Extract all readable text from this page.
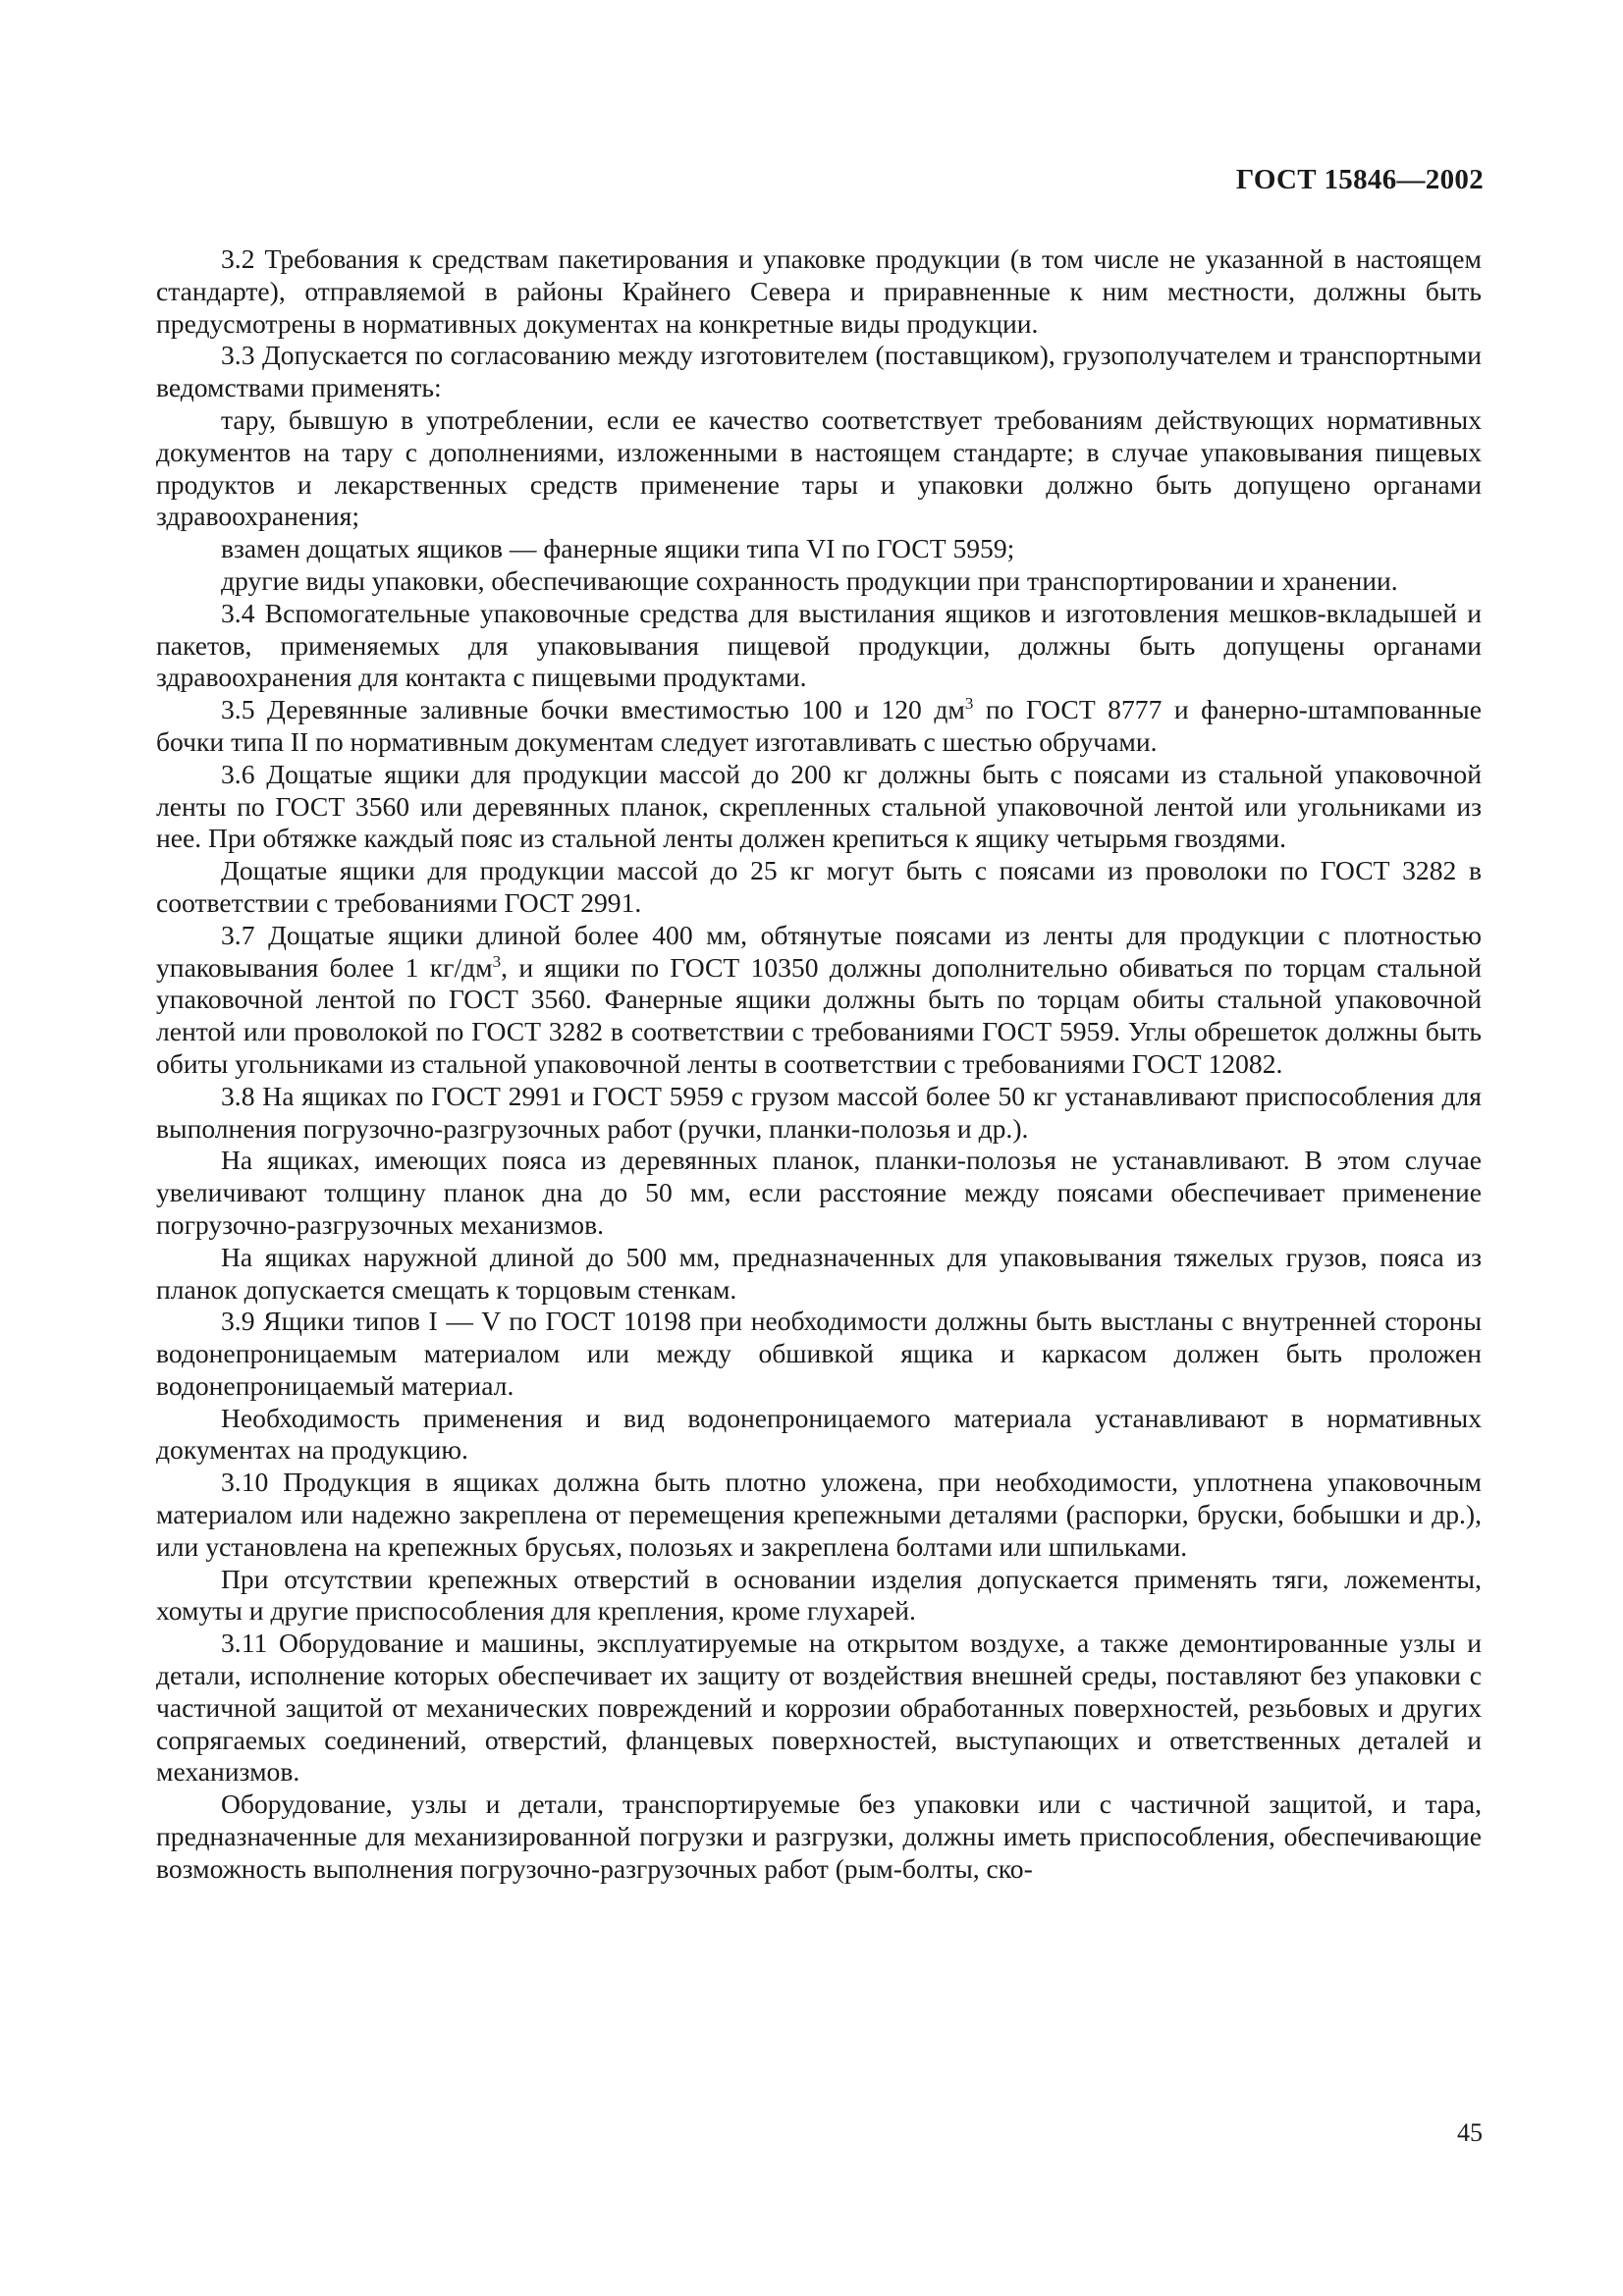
ГОСТ 15846—2002

3.2 Требования к средствам пакетирования и упаковке продукции (в том числе не указанной в настоящем стандарте), отправляемой в районы Крайнего Севера и приравненные к ним местности, должны быть предусмотрены в нормативных документах на конкретные виды продукции.

3.3 Допускается по согласованию между изготовителем (поставщиком), грузополучателем и транспортными ведомствами применять:

тару, бывшую в употреблении, если ее качество соответствует требованиям действующих нормативных документов на тару с дополнениями, изложенными в настоящем стандарте; в случае упаковывания пищевых продуктов и лекарственных средств применение тары и упаковки должно быть допущено органами здравоохранения;

взамен дощатых ящиков — фанерные ящики типа VI по ГОСТ 5959;

другие виды упаковки, обеспечивающие сохранность продукции при транспортировании и хранении.

3.4 Вспомогательные упаковочные средства для выстилания ящиков и изготовления мешков-вкладышей и пакетов, применяемых для упаковывания пищевой продукции, должны быть допущены органами здравоохранения для контакта с пищевыми продуктами.

3.5 Деревянные заливные бочки вместимостью 100 и 120 $дм^3$ по ГОСТ 8777 и фанерно-штампованные бочки типа II по нормативным документам следует изготавливать с шестью обручами.

3.6 Дощатые ящики для продукции массой до 200 кг должны быть с поясами из стальной упаковочной ленты по ГОСТ 3560 или деревянных планок, скрепленных стальной упаковочной лентой или угольниками из нее. При обтяжке каждый пояс из стальной ленты должен крепиться к ящику четырьмя гвоздями.

Дощатые ящики для продукции массой до 25 кг могут быть с поясами из проволоки по ГОСТ 3282 в соответствии с требованиями ГОСТ 2991.

3.7 Дощатые ящики длиной более 400 мм, обтянутые поясами из ленты для продукции с плотностью упаковывания более 1 $кг/дм^3$, и ящики по ГОСТ 10350 должны дополнительно обиваться по торцам стальной упаковочной лентой по ГОСТ 3560. Фанерные ящики должны быть по торцам обиты стальной упаковочной лентой или проволокой по ГОСТ 3282 в соответствии с требованиями ГОСТ 5959. Углы обрешеток должны быть обиты угольниками из стальной упаковочной ленты в соответствии с требованиями ГОСТ 12082.

3.8 На ящиках по ГОСТ 2991 и ГОСТ 5959 с грузом массой более 50 кг устанавливают приспособления для выполнения погрузочно-разгрузочных работ (ручки, планки-полозья и др.).

На ящиках, имеющих пояса из деревянных планок, планки-полозья не устанавливают. В этом случае увеличивают толщину планок дна до 50 мм, если расстояние между поясами обеспечивает применение погрузочно-разгрузочных механизмов.

На ящиках наружной длиной до 500 мм, предназначенных для упаковывания тяжелых грузов, пояса из планок допускается смещать к торцовым стенкам.

3.9 Ящики типов I — V по ГОСТ 10198 при необходимости должны быть выстланы с внутренней стороны водонепроницаемым материалом или между обшивкой ящика и каркасом должен быть проложен водонепроницаемый материал.

Необходимость применения и вид водонепроницаемого материала устанавливают в нормативных документах на продукцию.

3.10 Продукция в ящиках должна быть плотно уложена, при необходимости, уплотнена упаковочным материалом или надежно закреплена от перемещения крепежными деталями (распорки, бруски, бобышки и др.), или установлена на крепежных брусьях, полозьях и закреплена болтами или шпильками.

При отсутствии крепежных отверстий в основании изделия допускается применять тяги, ложементы, хомуты и другие приспособления для крепления, кроме глухарей.

3.11 Оборудование и машины, эксплуатируемые на открытом воздухе, а также демонтированные узлы и детали, исполнение которых обеспечивает их защиту от воздействия внешней среды, поставляют без упаковки с частичной защитой от механических повреждений и коррозии обработанных поверхностей, резьбовых и других сопрягаемых соединений, отверстий, фланцевых поверхностей, выступающих и ответственных деталей и механизмов.

Оборудование, узлы и детали, транспортируемые без упаковки или с частичной защитой, и тара, предназначенные для механизированной погрузки и разгрузки, должны иметь приспособления, обеспечивающие возможность выполнения погрузочно-разгрузочных работ (рым-болты, ско-

45
